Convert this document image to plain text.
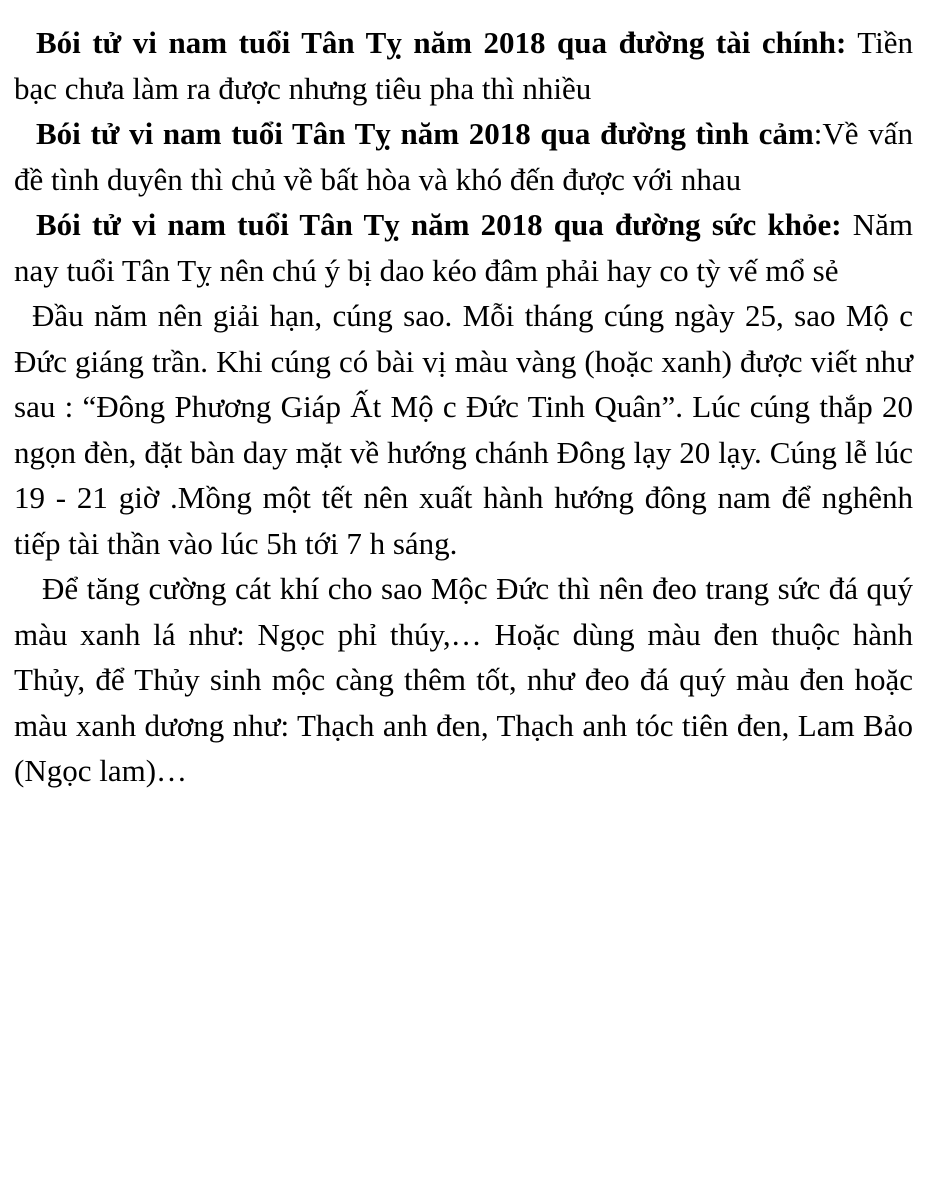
Bói tử vi nam tuổi Tân Tỵ năm 2018 qua đường tài chính: Tiền bạc chưa làm ra được nhưng tiêu pha thì nhiều

Bói tử vi nam tuổi Tân Tỵ năm 2018 qua đường tình cảm:Về vấn đề tình duyên thì chủ về bất hòa và khó đến được với nhau

Bói tử vi nam tuổi Tân Tỵ năm 2018 qua đường sức khỏe: Năm nay tuổi Tân Tỵ nên chú ý bị dao kéo đâm phải hay co tỳ vế mổ sẻ

Đầu năm nên giải hạn, cúng sao. Mỗi tháng cúng ngày 25, sao Mộ c Đức giáng trần. Khi cúng có bài vị màu vàng (hoặc xanh) được viết như sau : “Đông Phương Giáp Ất Mộ c Đức Tinh Quân”. Lúc cúng thắp 20 ngọn đèn, đặt bàn day mặt về hướng chánh Đông lạy 20 lạy. Cúng lễ lúc 19 - 21 giờ .Mồng một tết nên xuất hành hướng đông nam để nghênh tiếp tài thần vào lúc 5h tới 7 h sáng.

Để tăng cường cát khí cho sao Mộc Đức thì nên đeo trang sức đá quý màu xanh lá như: Ngọc phỉ thúy,… Hoặc dùng màu đen thuộc hành Thủy, để Thủy sinh mộc càng thêm tốt, như đeo đá quý màu đen hoặc màu xanh dương như: Thạch anh đen, Thạch anh tóc tiên đen, Lam Bảo (Ngọc lam)…
